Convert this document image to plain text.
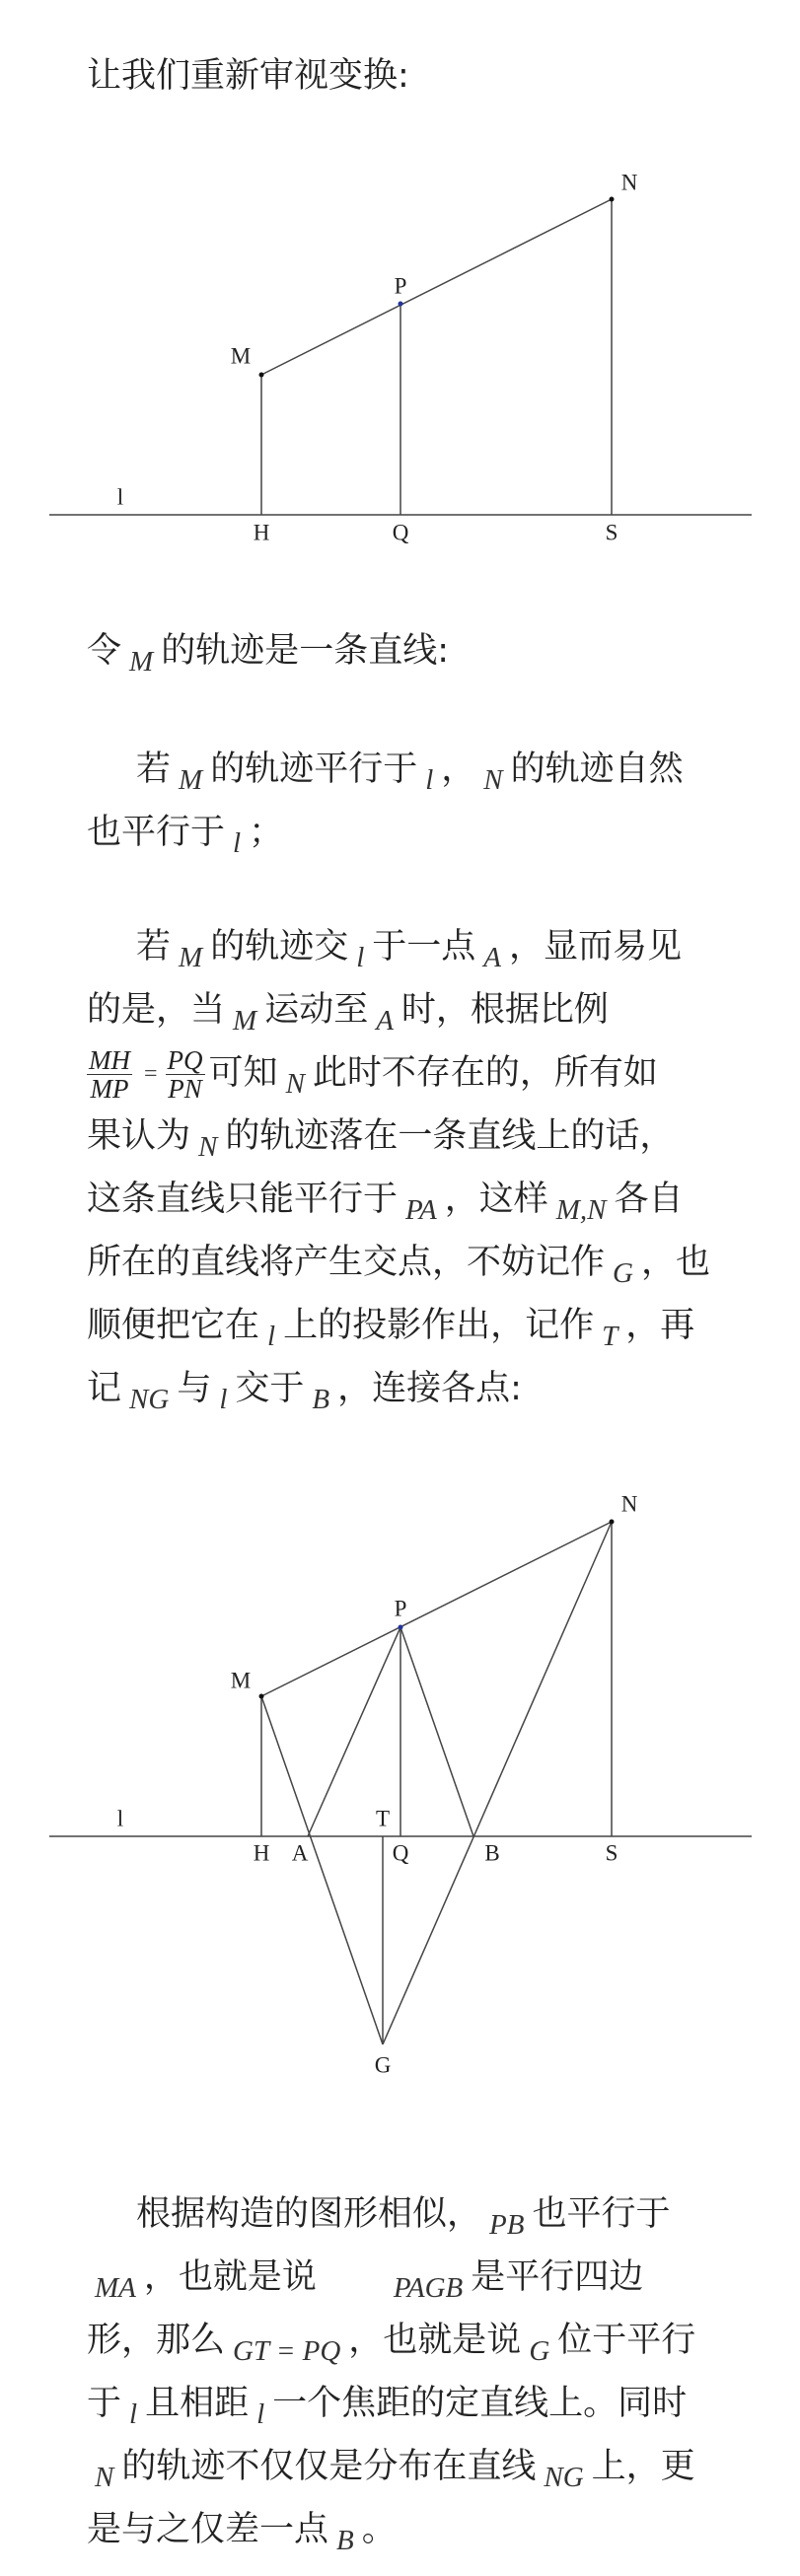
让我们重新审视变换:
N
P
M
l
H	Q	S
N
P
M
l	T
H A	Q	B	S
G
令 $_M$ 的轨迹是一条直线:
若 $_M$ 的轨迹平行于 $_l$ ， $_N$ 的轨迹自然
也平行于 $_l$ ；
若 $_M$ 的轨迹交 $_l$ 于一点 $_A$ ，显而易见
的是，当 $_M$ 运动至 $_A$ 时，根据比例
$\frac{MH}{MP} = \frac{PQ}{PN}$ 可知 $_N$ 此时不存在的，所有如
果认为 $_N$ 的轨迹落在一条直线上的话，
这条直线只能平行于 $_{PA}$ ，这样 $_{M,N}$ 各自
所在的直线将产生交点，不妨记作 $_G$ ，也
顺便把它在 $_l$ 上的投影作出，记作 $_T$ ，再
记 $_{NG}$ 与 $_l$ 交于 $_B$ ，连接各点:
根据构造的图形相似， $_{PB}$ 也平行于
$_{MA}$ ，也就是说　　$_{PAGB}$ 是平行四边
形，那么 $_{GT = PQ}$ ，也就是说 $_G$ 位于平行
于 $_l$ 且相距 $_l$ 一个焦距的定直线上。同时
$_N$ 的轨迹不仅仅是分布在直线 $_{NG}$ 上，更
是与之仅差一点 $_B$ 。
